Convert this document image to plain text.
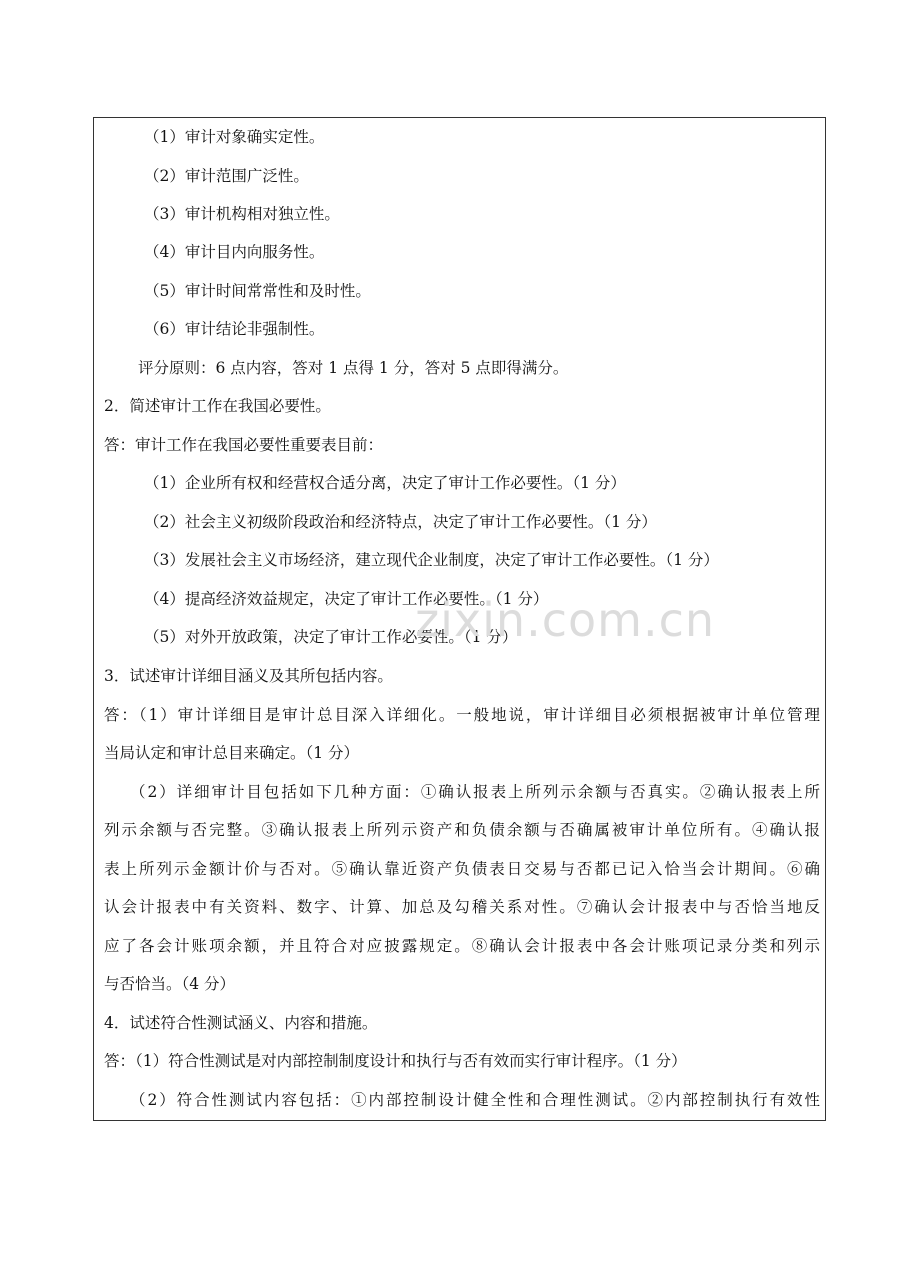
（1）审计对象确实定性。
（2）审计范围广泛性。
（3）审计机构相对独立性。
（4）审计目内向服务性。
（5）审计时间常常性和及时性。
（6）审计结论非强制性。
评分原则：6 点内容，答对 1 点得 1 分，答对 5 点即得满分。
2．简述审计工作在我国必要性。
答：审计工作在我国必要性重要表目前：
（1）企业所有权和经营权合适分离，决定了审计工作必要性。（1 分）
（2）社会主义初级阶段政治和经济特点，决定了审计工作必要性。（1 分）
（3）发展社会主义市场经济，建立现代企业制度，决定了审计工作必要性。（1 分）
（4）提高经济效益规定，决定了审计工作必要性。（1 分）
（5）对外开放政策，决定了审计工作必要性。（1 分）
3．试述审计详细目涵义及其所包括内容。
答：（1）审计详细目是审计总目深入详细化。一般地说，审计详细目必须根据被审计单位管理
当局认定和审计总目来确定。（1 分）
（2）详细审计目包括如下几种方面：①确认报表上所列示余额与否真实。②确认报表上所
列示余额与否完整。③确认报表上所列示资产和负债余额与否确属被审计单位所有。④确认报
表上所列示金额计价与否对。⑤确认靠近资产负债表日交易与否都已记入恰当会计期间。⑥确
认会计报表中有关资料、数字、计算、加总及勾稽关系对性。⑦确认会计报表中与否恰当地反
应了各会计账项余额，并且符合对应披露规定。⑧确认会计报表中各会计账项记录分类和列示
与否恰当。（4 分）
4．试述符合性测试涵义、内容和措施。
答：（1）符合性测试是对内部控制制度设计和执行与否有效而实行审计程序。（1 分）
（2）符合性测试内容包括：①内部控制设计健全性和合理性测试。②内部控制执行有效性
zixin.com.cn
